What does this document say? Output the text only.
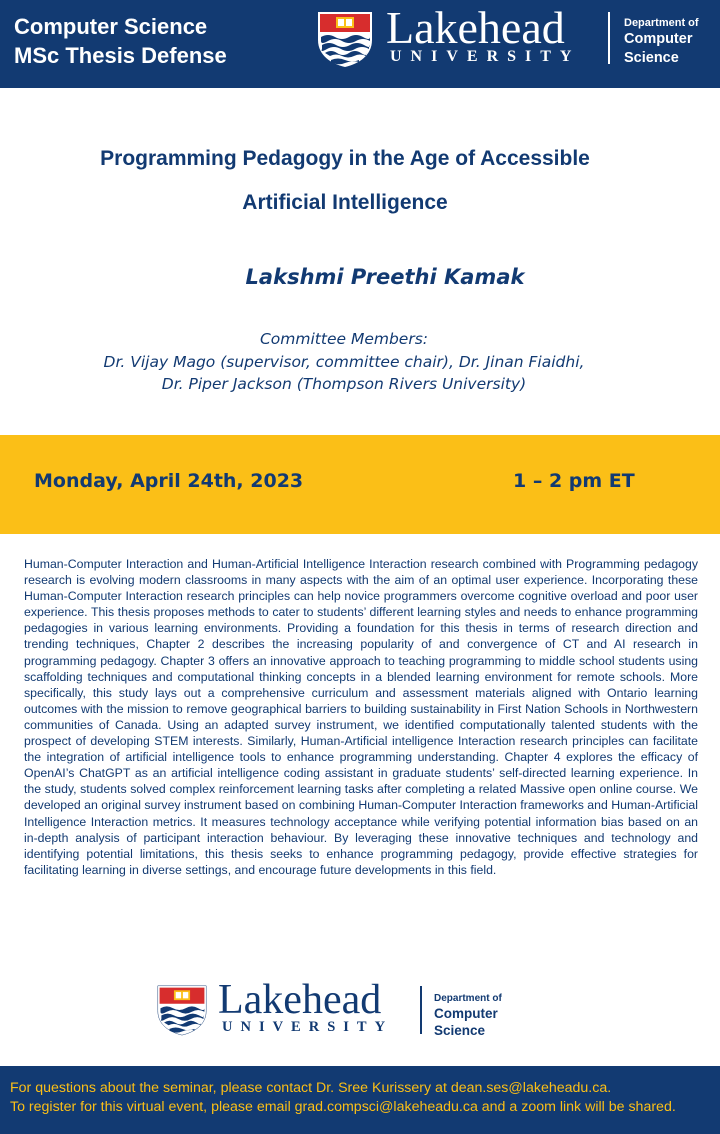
Computer Science
MSc Thesis Defense
Lakehead
UNIVERSITY
Department of
Computer
Science
Programming Pedagogy in the Age of Accessible
Artificial Intelligence
Lakshmi Preethi Kamak
Committee Members:
Dr. Vijay Mago (supervisor, committee chair), Dr. Jinan Fiaidhi,
Dr. Piper Jackson (Thompson Rivers University)
Monday, April 24th, 2023	1 – 2 pm ET

Human-Computer Interaction and Human-Artificial Intelligence Interaction research combined with Programming pedagogy research is evolving modern classrooms in many aspects with the aim of an optimal user experience. Incorporating these Human-Computer Interaction research principles can help novice programmers overcome cognitive overload and poor user experience. This thesis proposes methods to cater to students’ different learning styles and needs to enhance programming pedagogies in various learning environments. Providing a foundation for this thesis in terms of research direction and trending techniques, Chapter 2 describes the increasing popularity of and convergence of CT and AI research in programming pedagogy. Chapter 3 offers an innovative approach to teaching programming to middle school students using scaffolding techniques and computational thinking concepts in a blended learning environment for remote schools. More specifically, this study lays out a comprehensive curriculum and assessment materials aligned with Ontario learning outcomes with the mission to remove geographical barriers to building sustainability in First Nation Schools in Northwestern communities of Canada. Using an adapted survey instrument, we identified computationally talented students with the prospect of developing STEM interests. Similarly, Human-Artificial intelligence Interaction research principles can facilitate the integration of artificial intelligence tools to enhance programming understanding. Chapter 4 explores the efficacy of OpenAI’s ChatGPT as an artificial intelligence coding assistant in graduate students’ self-directed learning experience. In the study, students solved complex reinforcement learning tasks after completing a related Massive open online course. We developed an original survey instrument based on combining Human-Computer Interaction frameworks and Human-Artificial Intelligence Interaction metrics. It measures technology acceptance while verifying potential information bias based on an in-depth analysis of participant interaction behaviour. By leveraging these innovative techniques and technology and identifying potential limitations, this thesis seeks to enhance programming pedagogy, provide effective strategies for facilitating learning in diverse settings, and encourage future developments in this field.

Lakehead
UNIVERSITY
Department of
Computer
Science
For questions about the seminar, please contact Dr. Sree Kurissery at dean.ses@lakeheadu.ca.
To register for this virtual event, please email grad.compsci@lakeheadu.ca and a zoom link will be shared.
